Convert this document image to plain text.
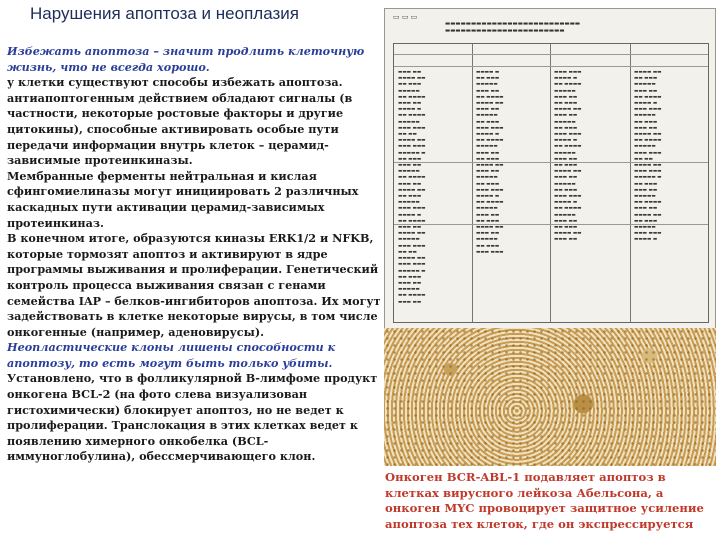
Нарушения апоптоза и неоплазия

Избежать апоптоза – значит продлить клеточную жизнь, что не всегда хорошо.

у клетки существуют способы избежать апоптоза. антиапоптогенным действием обладают сигналы (в частности, некоторые ростовые факторы и другие цитокины), способные активировать особые пути передачи информации внутрь клеток – церамид-зависимые протеинкиназы.

Мембранные ферменты нейтральная и кислая сфингомиелиназы могут инициировать 2 различных каскадных пути активации церамид-зависимых протеинкиназ.

В конечном итоге, образуются киназы ERK1/2 и NFKB, которые тормозят апоптоз и активируют в ядре программы выживания и пролиферации. Генетический контроль процесса выживания связан с генами семейства IAP – белков-ингибиторов апоптоза. Их могут задействовать в клетке некоторые вирусы, в том числе онкогенные (например, аденовирусы).

Неопластические клоны лишены способности к апоптозу, то есть могут быть только убиты.

Установлено, что в фолликулярной В-лимфоме продукт онкогена BCL-2 (на фото слева визуализован гистохимически) блокирует апоптоз, но не ведет к пролиферации. Транслокация в этих клетках ведет к появлению химерного онкобелка (BCL-иммуноглобулина), обессмерчивающего клон.

▭ ▭ ▭
▬▬▬▬▬▬▬▬▬▬▬▬▬▬▬▬▬▬▬▬▬▬▬▬▬▬
▬▬▬▬▬▬▬▬▬▬▬▬▬▬▬▬▬▬▬▬▬▬▬
▬▬▬ ▬▬
▬▬▬▬ ▬▬
▬▬ ▬▬▬
▬▬▬▬▬
▬▬ ▬▬▬▬
▬▬▬ ▬▬
▬▬▬▬ ▬
▬▬ ▬▬▬▬
▬▬▬▬▬
▬▬▬ ▬▬▬
▬▬ ▬▬
▬▬▬▬ ▬▬
▬▬▬ ▬▬▬
▬▬▬▬▬ ▬
▬▬ ▬▬▬
▬▬▬ ▬▬
▬▬▬▬▬
▬▬ ▬▬▬▬
▬▬▬ ▬▬
▬▬▬▬ ▬▬
▬▬ ▬▬▬
▬▬▬▬▬
▬▬▬ ▬▬▬
▬▬▬▬ ▬
▬▬ ▬▬▬▬
▬▬▬ ▬▬
▬▬▬▬ ▬▬
▬▬▬▬▬
▬▬▬ ▬▬▬
▬▬ ▬▬
▬▬▬▬ ▬▬
▬▬▬ ▬▬▬
▬▬▬▬▬ ▬
▬▬ ▬▬▬
▬▬▬ ▬▬
▬▬▬▬▬
▬▬ ▬▬▬▬
▬▬▬ ▬▬
▬▬▬▬ ▬
▬▬ ▬▬▬
▬▬▬▬▬
▬▬▬ ▬▬
▬▬ ▬▬▬▬
▬▬▬▬ ▬▬
▬▬▬ ▬▬
▬▬▬▬▬
▬▬ ▬▬▬
▬▬▬ ▬▬▬
▬▬▬▬ ▬
▬▬ ▬▬▬▬
▬▬▬▬▬
▬▬▬ ▬▬
▬▬ ▬▬▬
▬▬▬▬ ▬▬
▬▬▬ ▬▬
▬▬▬▬▬
▬▬ ▬▬▬
▬▬▬ ▬▬▬
▬▬▬▬ ▬
▬▬ ▬▬▬▬
▬▬▬▬▬
▬▬▬ ▬▬
▬▬ ▬▬▬
▬▬▬▬ ▬▬
▬▬▬ ▬▬
▬▬▬▬▬
▬▬ ▬▬▬
▬▬▬ ▬▬▬
▬▬▬ ▬▬▬
▬▬▬▬ ▬
▬▬ ▬▬▬▬
▬▬▬▬▬
▬▬▬ ▬▬
▬▬ ▬▬▬
▬▬▬▬ ▬▬
▬▬▬ ▬▬
▬▬▬▬▬
▬▬ ▬▬▬
▬▬▬ ▬▬▬
▬▬▬▬ ▬
▬▬ ▬▬▬▬
▬▬▬▬▬
▬▬▬ ▬▬
▬▬ ▬▬▬
▬▬▬▬ ▬▬
▬▬▬ ▬▬
▬▬▬▬▬
▬▬ ▬▬▬
▬▬▬ ▬▬▬
▬▬▬▬ ▬
▬▬ ▬▬▬▬
▬▬▬▬▬
▬▬▬ ▬▬
▬▬ ▬▬▬
▬▬▬▬ ▬▬
▬▬▬ ▬▬
▬▬▬▬ ▬▬
▬▬ ▬▬▬
▬▬▬▬▬
▬▬▬ ▬▬
▬▬ ▬▬▬▬
▬▬▬▬ ▬
▬▬▬ ▬▬▬
▬▬▬▬▬
▬▬ ▬▬▬
▬▬▬ ▬▬
▬▬▬▬ ▬▬
▬▬ ▬▬▬▬
▬▬▬▬▬
▬▬▬ ▬▬▬
▬▬ ▬▬
▬▬▬▬ ▬▬
▬▬▬ ▬▬▬
▬▬▬▬▬ ▬
▬▬ ▬▬▬
▬▬▬ ▬▬
▬▬▬▬▬
▬▬ ▬▬▬▬
▬▬▬ ▬▬
▬▬▬▬ ▬▬
▬▬ ▬▬▬
▬▬▬▬▬
▬▬▬ ▬▬▬
▬▬▬▬ ▬
Онкоген BCR-ABL-1 подавляет апоптоз в клетках вирусного лейкоза Абельсона, а онкоген MYC провоцирует защитное усиление апоптоза тех клеток, где он экспрессируется
